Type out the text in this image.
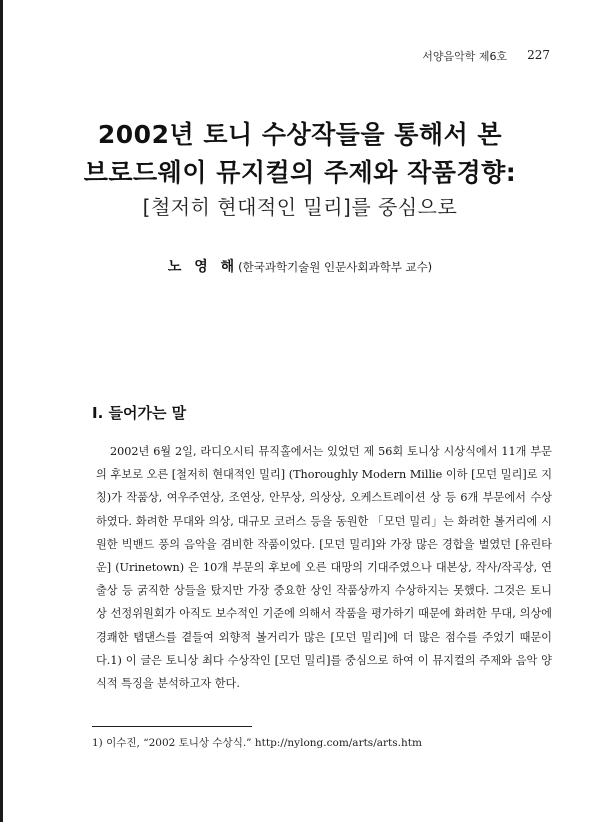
서양음악학 제6호 227
2002년 토니 수상작들을 통해서 본
브로드웨이 뮤지컬의 주제와 작품경향:
[철저히 현대적인 밀리]를 중심으로
노 영 해(한국과학기술원 인문사회과학부 교수)
I. 들어가는 말

2002년 6월 2일, 라디오시티 뮤직홀에서는 있었던 제 56회 토니상 시상식에서 11개 부문의 후보로 오른 [철저히 현대적인 밀리] (Thoroughly Modern Millie 이하 [모던 밀리]로 지칭)가 작품상, 여우주연상, 조연상, 안무상, 의상상, 오케스트레이션 상 등 6개 부문에서 수상하였다. 화려한 무대와 의상, 대규모 코러스 등을 동원한 「모던 밀리」는 화려한 볼거리에 시원한 빅밴드 풍의 음악을 겸비한 작품이었다. [모던 밀리]와 가장 많은 경합을 벌였던 [유린타운] (Urinetown) 은 10개 부문의 후보에 오른 대망의 기대주였으나 대본상, 작사/작곡상, 연출상 등 굵직한 상들을 탔지만 가장 중요한 상인 작품상까지 수상하지는 못했다. 그것은 토니상 선정위원회가 아직도 보수적인 기준에 의해서 작품을 평가하기 때문에 화려한 무대, 의상에 경쾌한 탭댄스를 곁들여 외향적 볼거리가 많은 [모던 밀리]에 더 많은 점수를 주었기 때문이다.1) 이 글은 토니상 최다 수상작인 [모던 밀리]를 중심으로 하여 이 뮤지컬의 주제와 음악 양식적 특징을 분석하고자 한다.

1) 이수진, “2002 토니상 수상식.” http://nylong.com/arts/arts.htm
